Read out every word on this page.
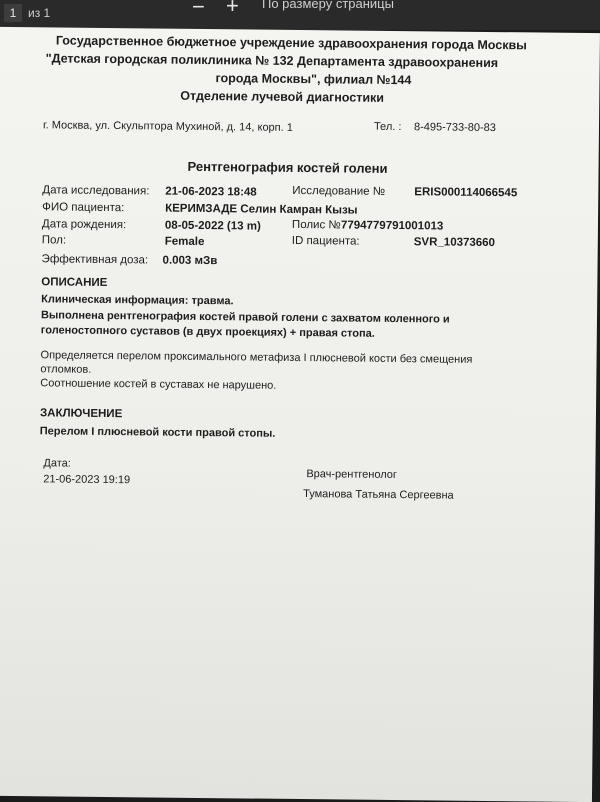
1 из 1	− + По размеру страницы
Государственное бюджетное учреждение здравоохранения города Москвы
"Детская городская поликлиника № 132 Департамента здравоохранения
города Москвы", филиал №144
Отделение лучевой диагностики
г. Москва, ул. Скульптора Мухиной, д. 14, корп. 1	Тел. : 8-495-733-80-83
Рентгенография костей голени
Дата исследования: 21-06-2023 18:48	Исследование №	ERIS000114066545
ФИО пациента:	КЕРИМЗАДЕ Селин Камран Кызы
Дата рождения:	08-05-2022 (13 m)	Полис № 7794779791001013
Пол:	Female	ID пациента:	SVR_10373660
Эффективная доза: 0.003 мЗв
ОПИСАНИЕ
Клиническая информация: травма.
Выполнена рентгенография костей правой голени с захватом коленного и
голеностопного суставов (в двух проекциях) + правая стопа.
Определяется перелом проксимального метафиза I плюсневой кости без смещения
отломков.
Соотношение костей в суставах не нарушено.
ЗАКЛЮЧЕНИЕ
Перелом I плюсневой кости правой стопы.
Дата:
21-06-2023 19:19	Врач-рентгенолог
Туманова Татьяна Сергеевна
